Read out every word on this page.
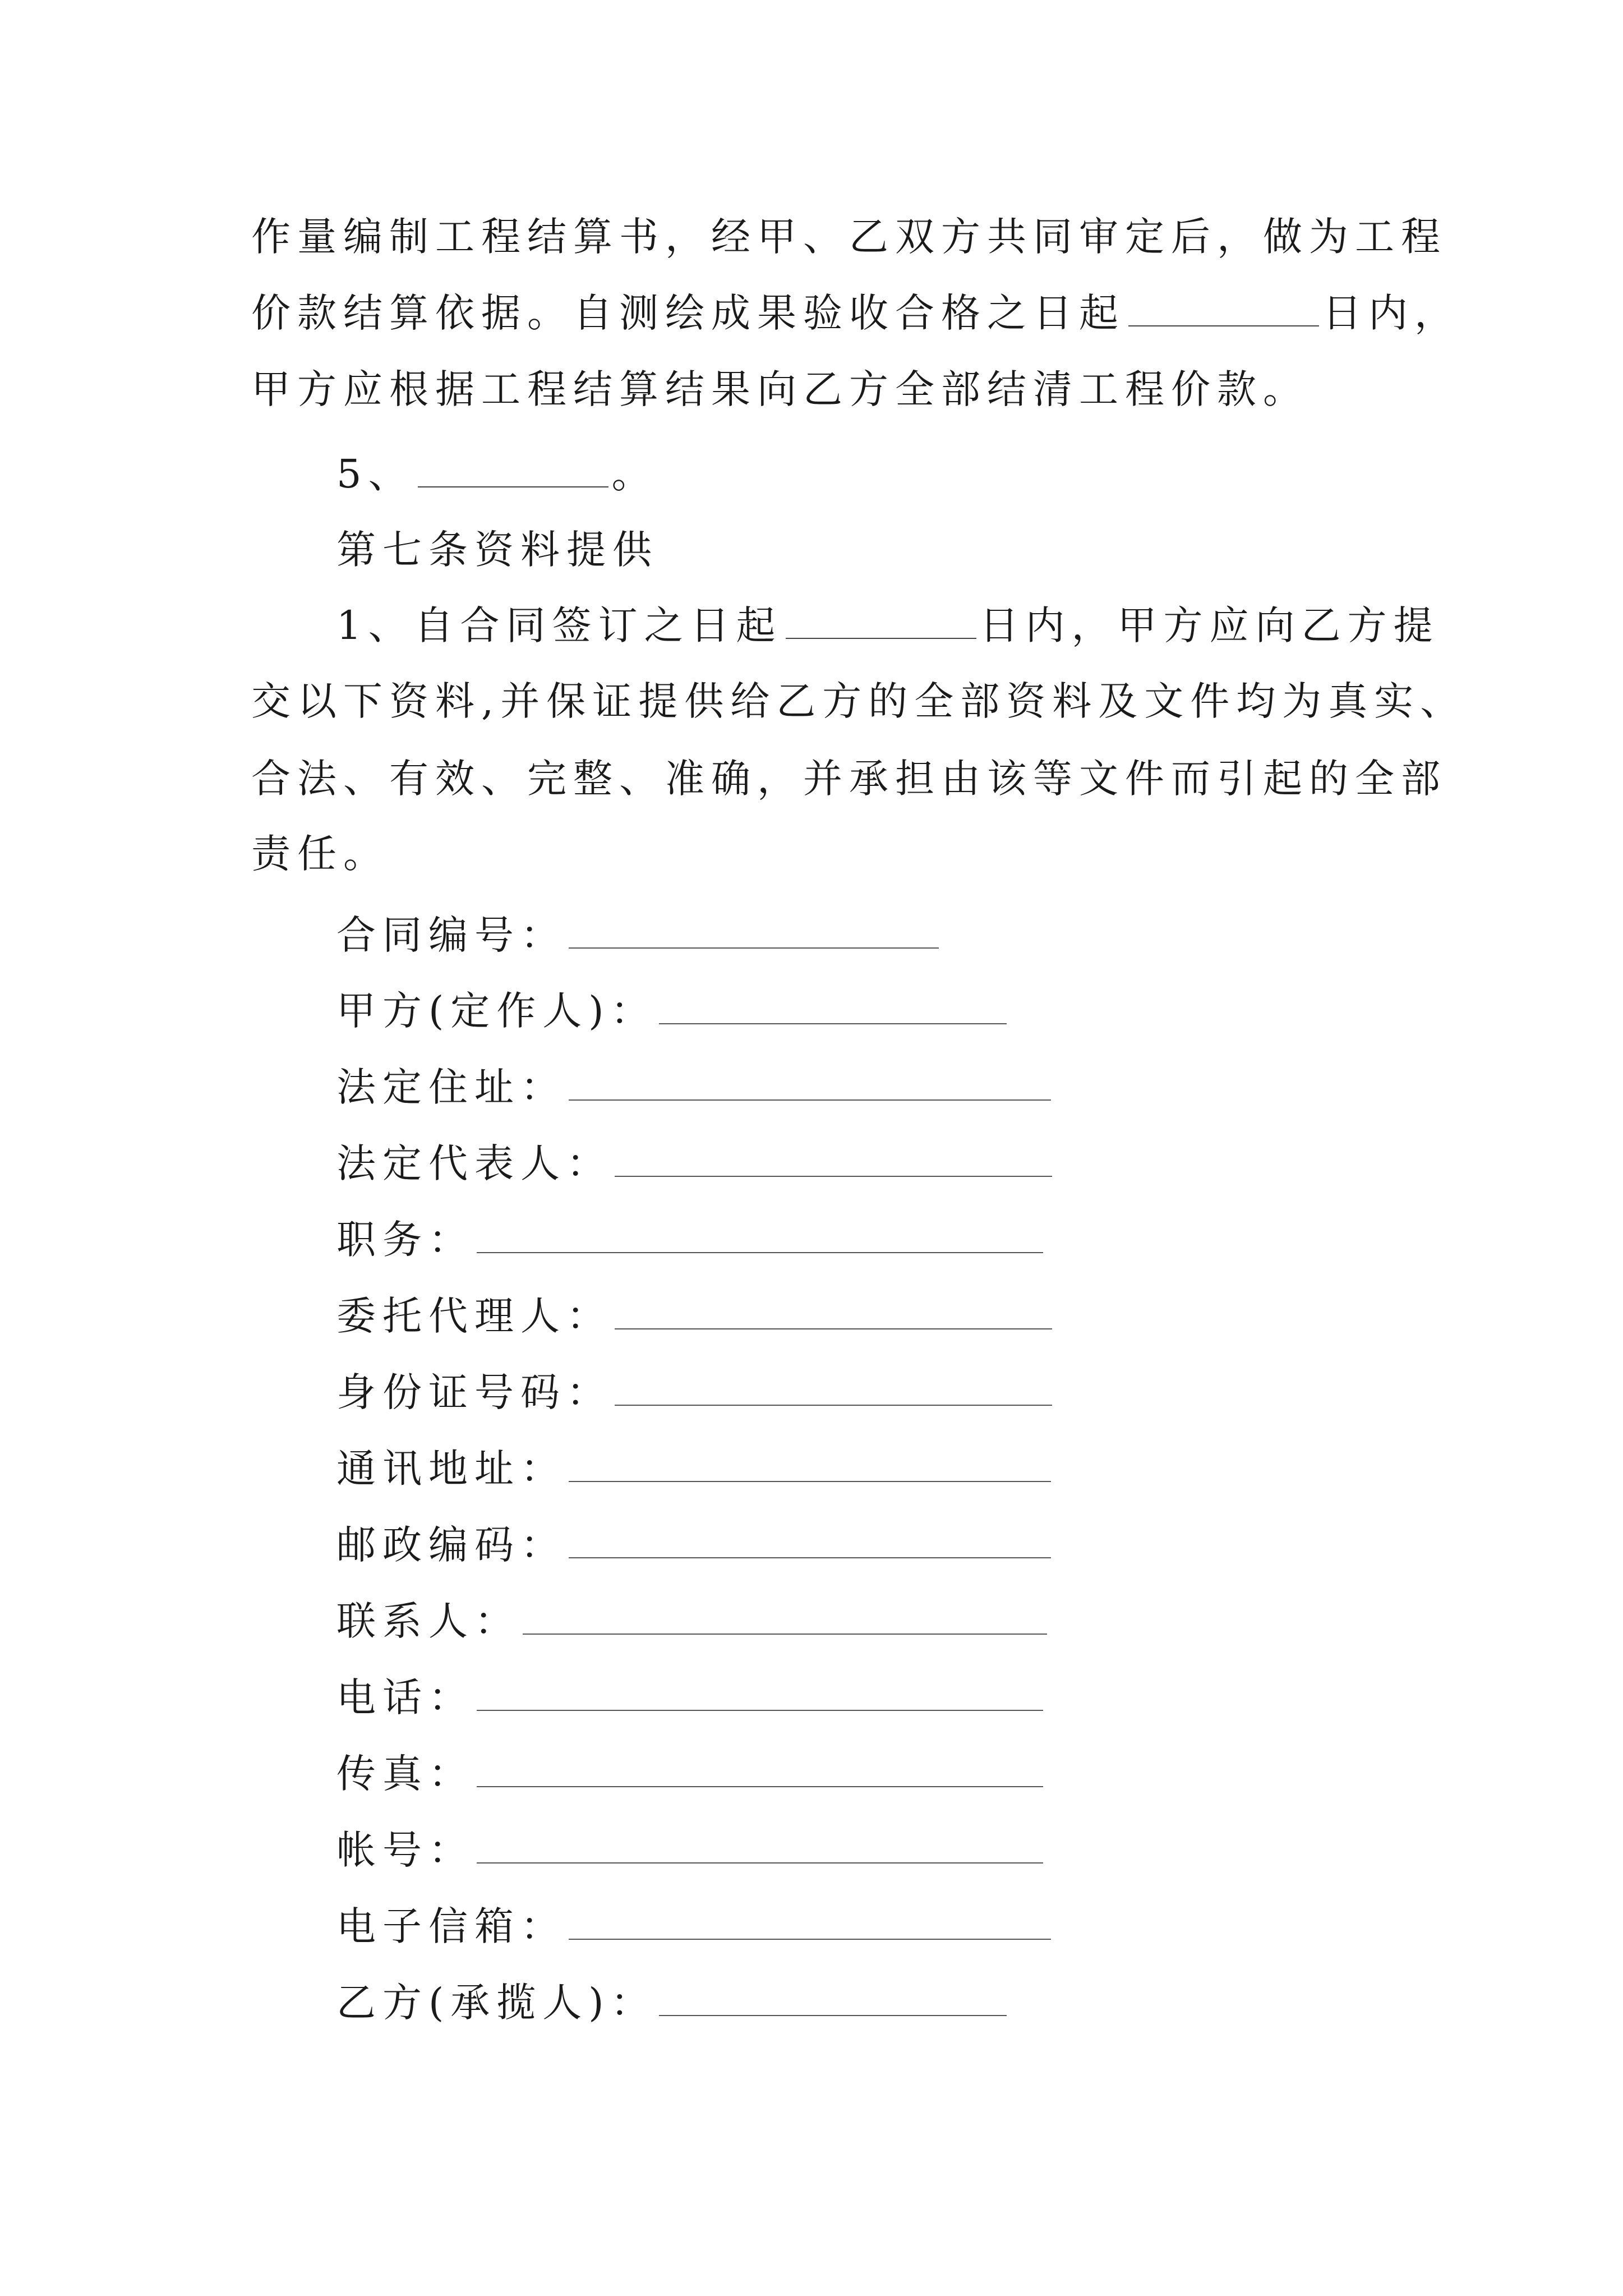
作量编制工程结算书，经甲、乙双方共同审定后，做为工程
价款结算依据。自测绘成果验收合格之日起	日内，
甲方应根据工程结算结果向乙方全部结清工程价款。
5、	。
第七条资料提供
1、自合同签订之日起	日内，甲方应向乙方提
交以下资料,并保证提供给乙方的全部资料及文件均为真实、
合法、有效、完整、准确，并承担由该等文件而引起的全部
责任。
合同编号：
甲方(定作人)：
法定住址：
法定代表人：
职务：
委托代理人：
身份证号码：
通讯地址：
邮政编码：
联系人：
电话：
传真：
帐号：
电子信箱：
乙方(承揽人)：
